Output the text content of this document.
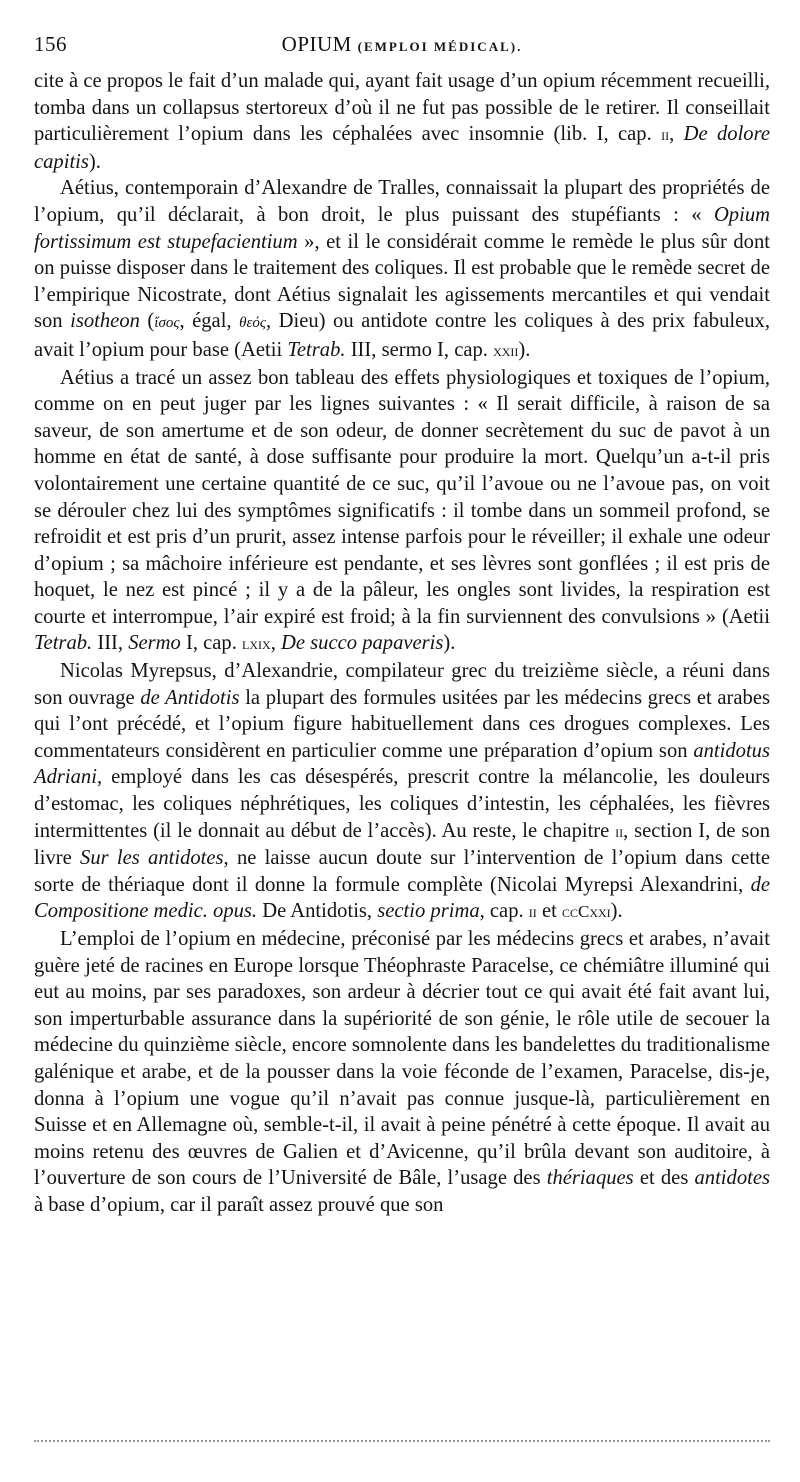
156	OPIUM (EMPLOI MÉDICAL).

cite à ce propos le fait d’un malade qui, ayant fait usage d’un opium récemment recueilli, tomba dans un collapsus stertoreux d’où il ne fut pas possible de le retirer. Il conseillait particulièrement l’opium dans les céphalées avec insomnie (lib. I, cap. ii, De dolore capitis).

Aétius, contemporain d’Alexandre de Tralles, connaissait la plupart des propriétés de l’opium, qu’il déclarait, à bon droit, le plus puissant des stupéfiants : « Opium fortissimum est stupefacientium », et il le considérait comme le remède le plus sûr dont on puisse disposer dans le traitement des coliques. Il est probable que le remède secret de l’empirique Nicostrate, dont Aétius signalait les agissements mercantiles et qui vendait son isotheon (ἴσος, égal, θεός, Dieu) ou antidote contre les coliques à des prix fabuleux, avait l’opium pour base (Aetii Tetrab. III, sermo I, cap. xxii).

Aétius a tracé un assez bon tableau des effets physiologiques et toxiques de l’opium, comme on en peut juger par les lignes suivantes : « Il serait difficile, à raison de sa saveur, de son amertume et de son odeur, de donner secrètement du suc de pavot à un homme en état de santé, à dose suffisante pour produire la mort. Quelqu’un a-t-il pris volontairement une certaine quantité de ce suc, qu’il l’avoue ou ne l’avoue pas, on voit se dérouler chez lui des symptômes significatifs : il tombe dans un sommeil profond, se refroidit et est pris d’un prurit, assez intense parfois pour le réveiller; il exhale une odeur d’opium ; sa mâchoire inférieure est pendante, et ses lèvres sont gonflées ; il est pris de hoquet, le nez est pincé ; il y a de la pâleur, les ongles sont livides, la respiration est courte et interrompue, l’air expiré est froid; à la fin surviennent des convulsions » (Aetii Tetrab. III, Sermo I, cap. lxix, De succo papaveris).

Nicolas Myrepsus, d’Alexandrie, compilateur grec du treizième siècle, a réuni dans son ouvrage de Antidotis la plupart des formules usitées par les médecins grecs et arabes qui l’ont précédé, et l’opium figure habituellement dans ces drogues complexes. Les commentateurs considèrent en particulier comme une préparation d’opium son antidotus Adriani, employé dans les cas désespérés, prescrit contre la mélancolie, les douleurs d’estomac, les coliques néphrétiques, les coliques d’intestin, les céphalées, les fièvres intermittentes (il le donnait au début de l’accès). Au reste, le chapitre ii, section I, de son livre Sur les antidotes, ne laisse aucun doute sur l’intervention de l’opium dans cette sorte de thériaque dont il donne la formule complète (Nicolai Myrepsi Alexandrini, de Compositione medic. opus. De Antidotis, sectio prima, cap. ii et ccCxxi).

L’emploi de l’opium en médecine, préconisé par les médecins grecs et arabes, n’avait guère jeté de racines en Europe lorsque Théophraste Paracelse, ce chémiâtre illuminé qui eut au moins, par ses paradoxes, son ardeur à décrier tout ce qui avait été fait avant lui, son imperturbable assurance dans la supériorité de son génie, le rôle utile de secouer la médecine du quinzième siècle, encore somnolente dans les bandelettes du traditionalisme galénique et arabe, et de la pousser dans la voie féconde de l’examen, Paracelse, dis-je, donna à l’opium une vogue qu’il n’avait pas connue jusque-là, particulièrement en Suisse et en Allemagne où, semble-t-il, il avait à peine pénétré à cette époque. Il avait au moins retenu des œuvres de Galien et d’Avicenne, qu’il brûla devant son auditoire, à l’ouverture de son cours de l’Université de Bâle, l’usage des thériaques et des antidotes à base d’opium, car il paraît assez prouvé que son
